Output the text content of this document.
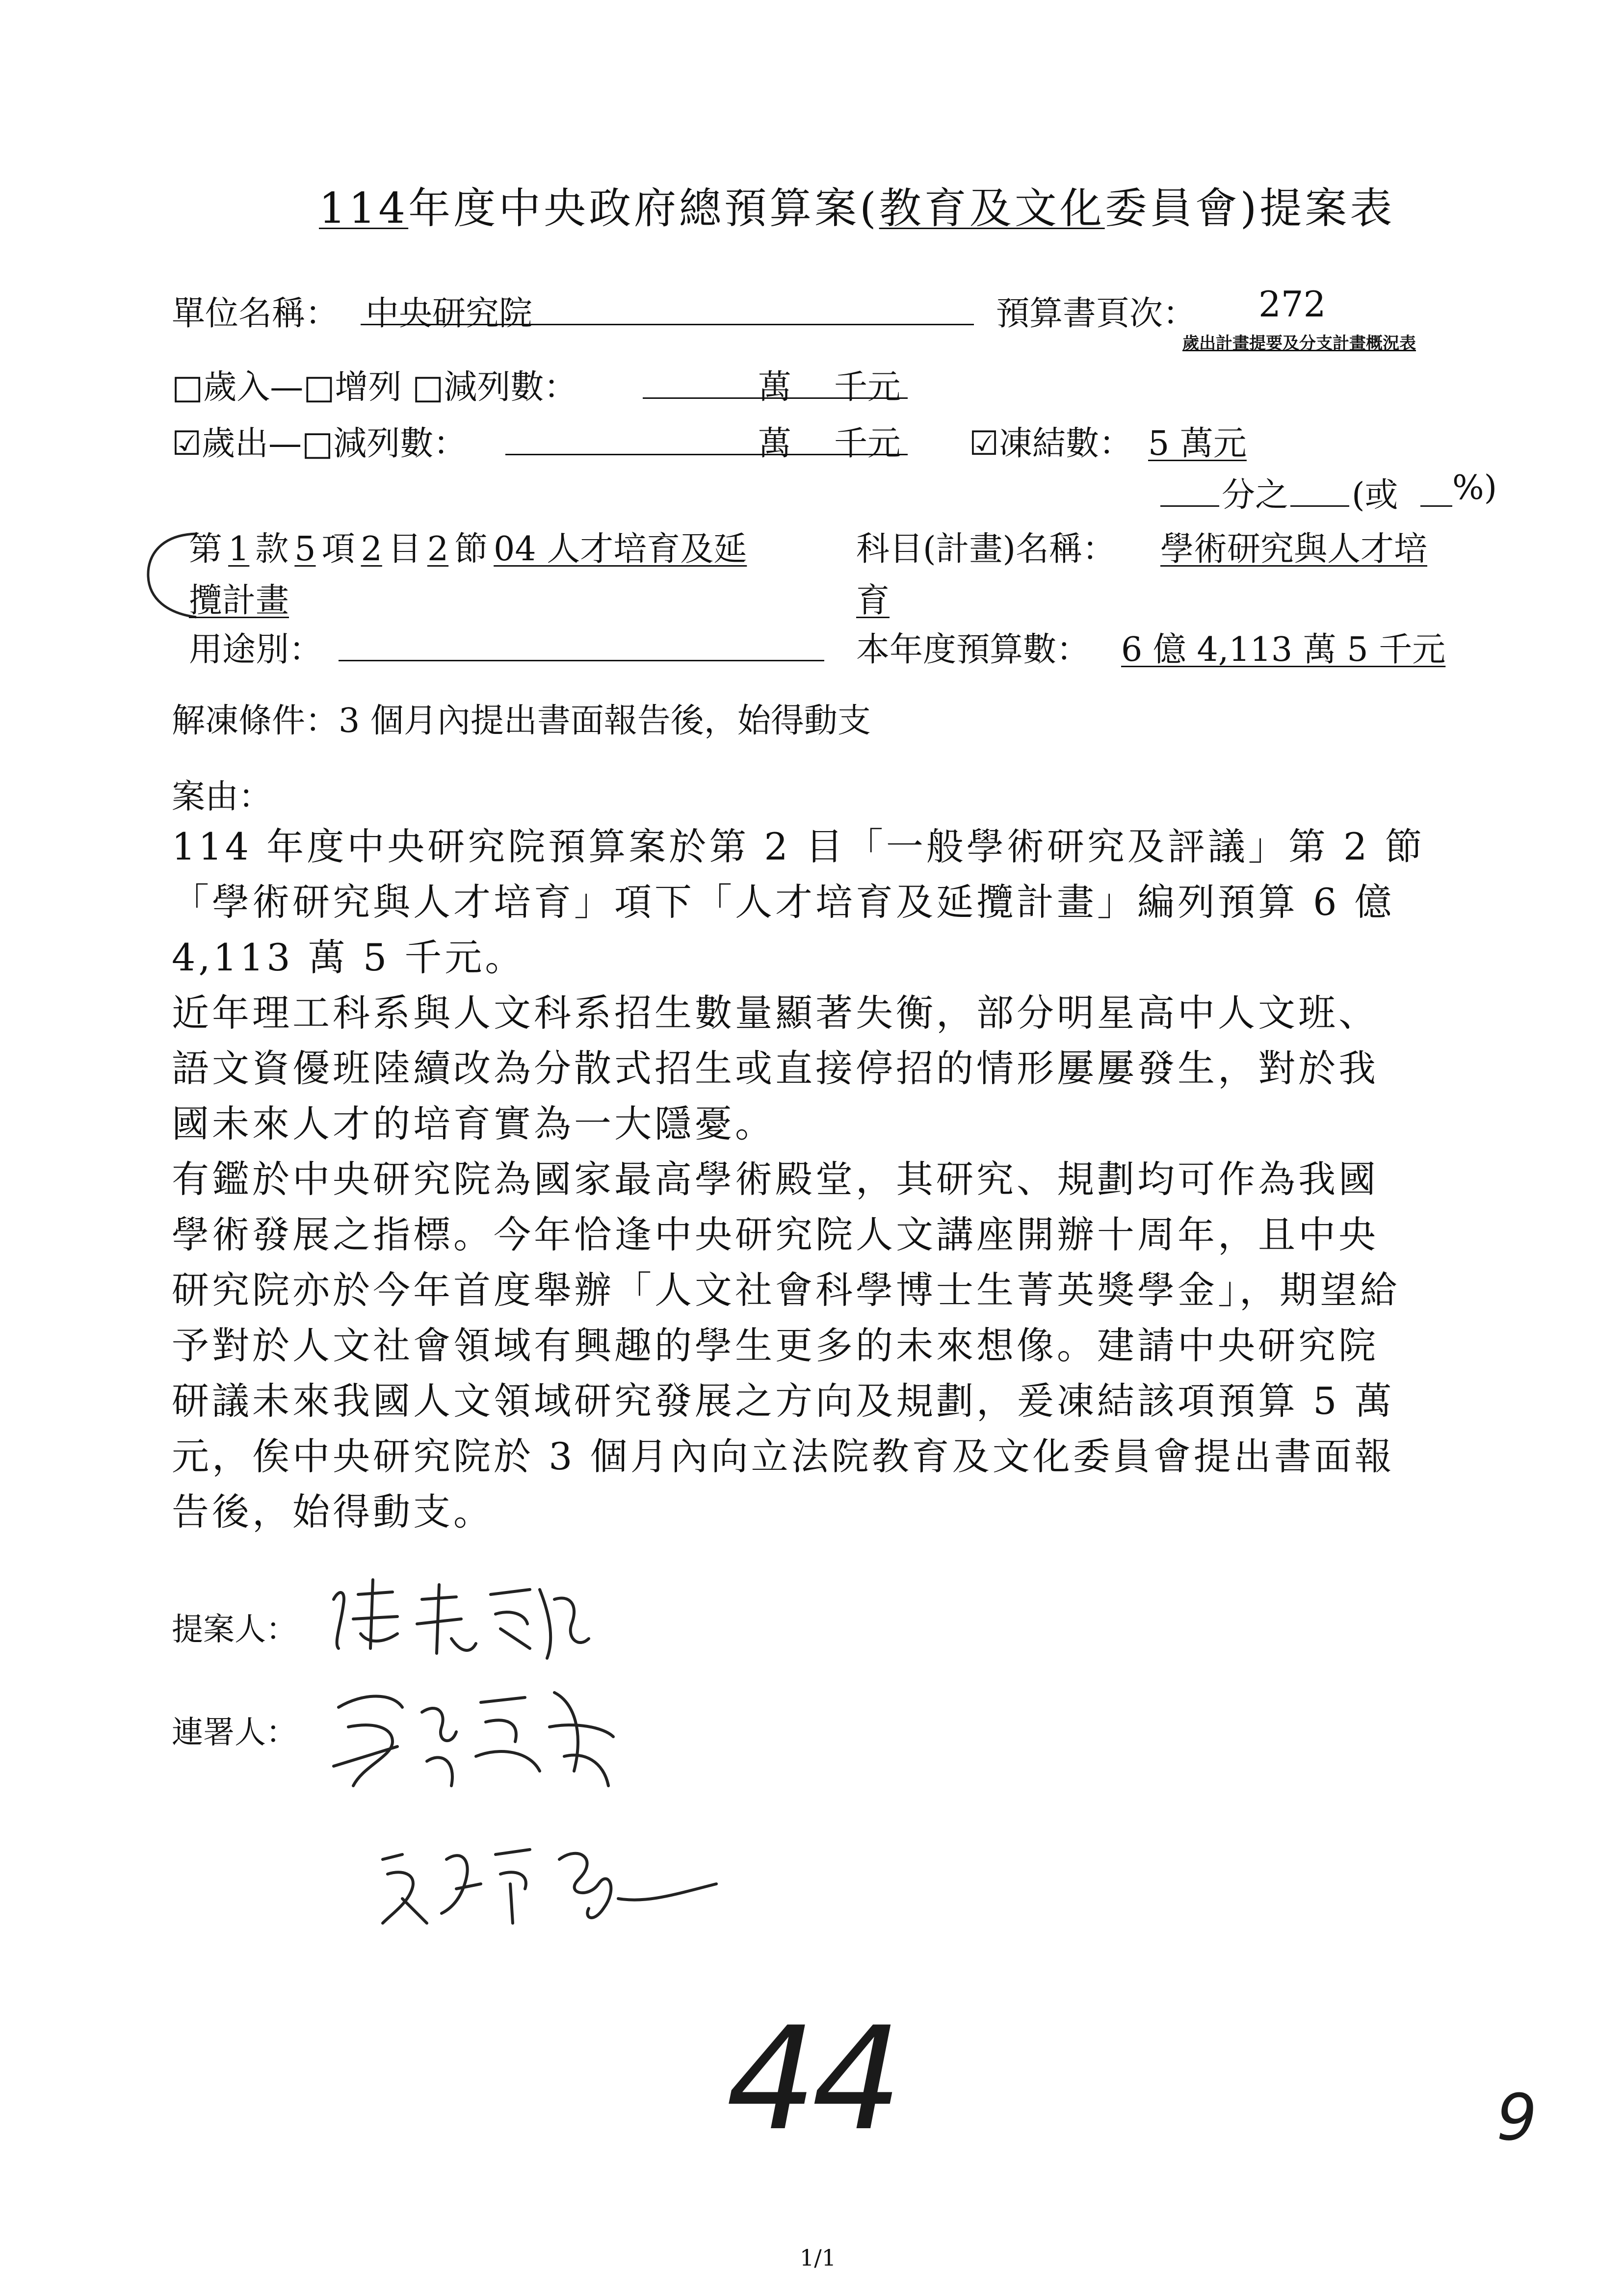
114年度中央政府總預算案(教育及文化委員會)提案表
單位名稱： 中央研究院	預算書頁次： 272
歲出計畫提要及分支計畫概況表
□歲入—□增列 □減列數：	萬 千元
☑歲出—□減列數：	萬 千元 ☑凍結數： 5 萬元
分之 (或 %)
第 1 款 5 項 2 目 2 節 04 人才培育及延
攬計畫
科目(計畫)名稱： 學術研究與人才培
育
用途別：	本年度預算數： 6 億 4,113 萬 5 千元
解凍條件：3 個月內提出書面報告後，始得動支
案由：
114 年度中央研究院預算案於第 2 目「一般學術研究及評議」第 2 節
「學術研究與人才培育」項下「人才培育及延攬計畫」編列預算 6 億
4,113 萬 5 千元。
近年理工科系與人文科系招生數量顯著失衡，部分明星高中人文班、
語文資優班陸續改為分散式招生或直接停招的情形屢屢發生，對於我
國未來人才的培育實為一大隱憂。
有鑑於中央研究院為國家最高學術殿堂，其研究、規劃均可作為我國
學術發展之指標。今年恰逢中央研究院人文講座開辦十周年，且中央
研究院亦於今年首度舉辦「人文社會科學博士生菁英獎學金」，期望給
予對於人文社會領域有興趣的學生更多的未來想像。建請中央研究院
研議未來我國人文領域研究發展之方向及規劃，爰凍結該項預算 5 萬
元，俟中央研究院於 3 個月內向立法院教育及文化委員會提出書面報
告後，始得動支。
提案人：
連署人：
44	9
1/1
